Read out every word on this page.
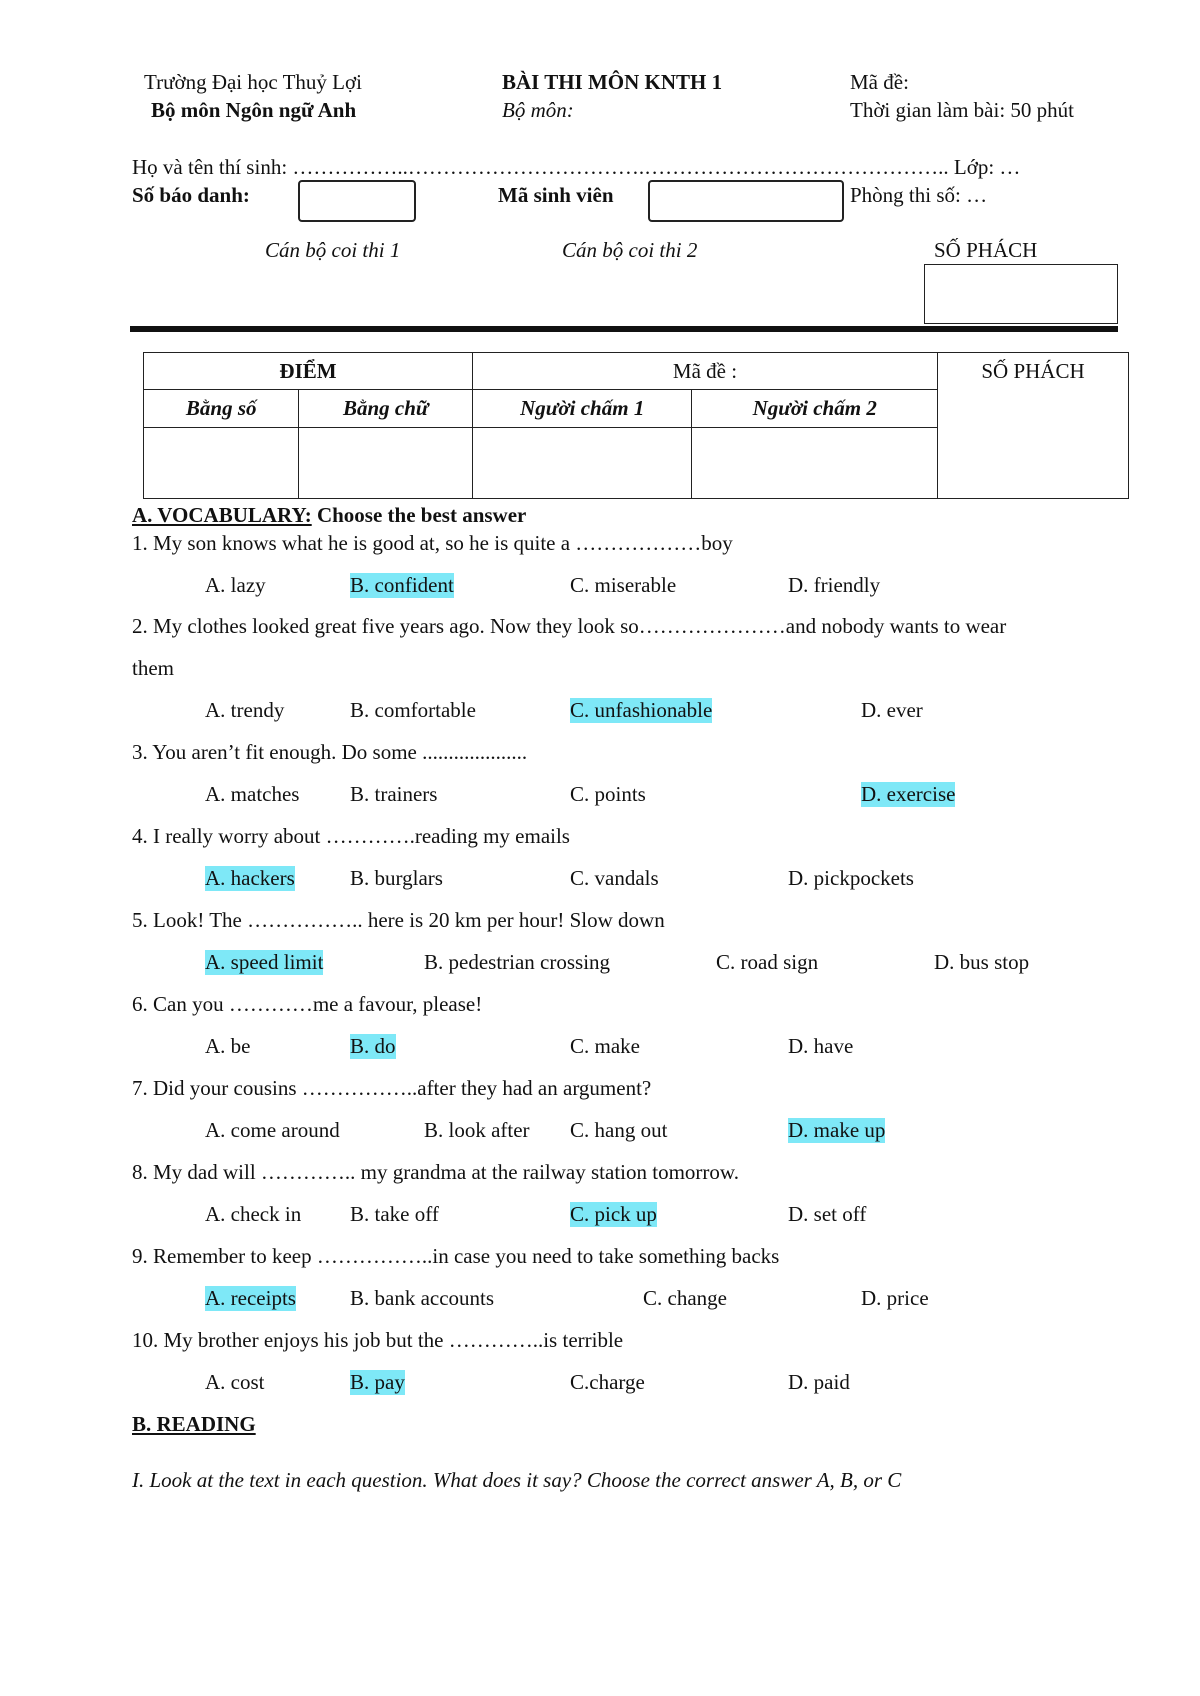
Trường Đại học Thuỷ Lợi
Bộ môn Ngôn ngữ Anh
BÀI THI MÔN KNTH 1
Bộ môn:
Mã đề:
Thời gian làm bài: 50 phút
Họ và tên thí sinh: ……………..…………………………….…………………………………….. Lớp: …
Số báo danh:	Mã sinh viên	Phòng thi số: …
Cán bộ coi thi 1	Cán bộ coi thi 2	SỐ PHÁCH
ĐIỂM		Mã đề :		SỐ PHÁCH
Bằng số	Bằng chữ	Người chấm 1	Người chấm 2	

A. VOCABULARY: Choose the best answer
1. My son knows what he is good at, so he is quite a ………………boy
A. lazy	B. confident	C. miserable	D. friendly
2. My clothes looked great five years ago. Now they look so…………………and nobody wants to wear
them
A. trendy	B. comfortable	C. unfashionable	D. ever
3. You aren’t fit enough. Do some ....................
A. matches B. trainers	C. points	D. exercise
4. I really worry about ………….reading my emails
A. hackers	B. burglars	C. vandals	D. pickpockets
5. Look! The …………….. here is 20 km per hour! Slow down
A. speed limit	B. pedestrian crossing	C. road sign	D. bus stop
6. Can you …………me a favour, please!
A. be	B. do	C. make	D. have
7. Did your cousins ……………..after they had an argument?
A. come around	B. look after C. hang out	D. make up
8. My dad will ………….. my grandma at the railway station tomorrow.
A. check in B. take off	C. pick up	D. set off
9. Remember to keep ……………..in case you need to take something backs
A. receipts	B. bank accounts	C. change	D. price
10. My brother enjoys his job but the …………..is terrible
A. cost	B. pay	C.charge	D. paid
B. READING
I. Look at the text in each question. What does it say? Choose the correct answer A, B, or C
